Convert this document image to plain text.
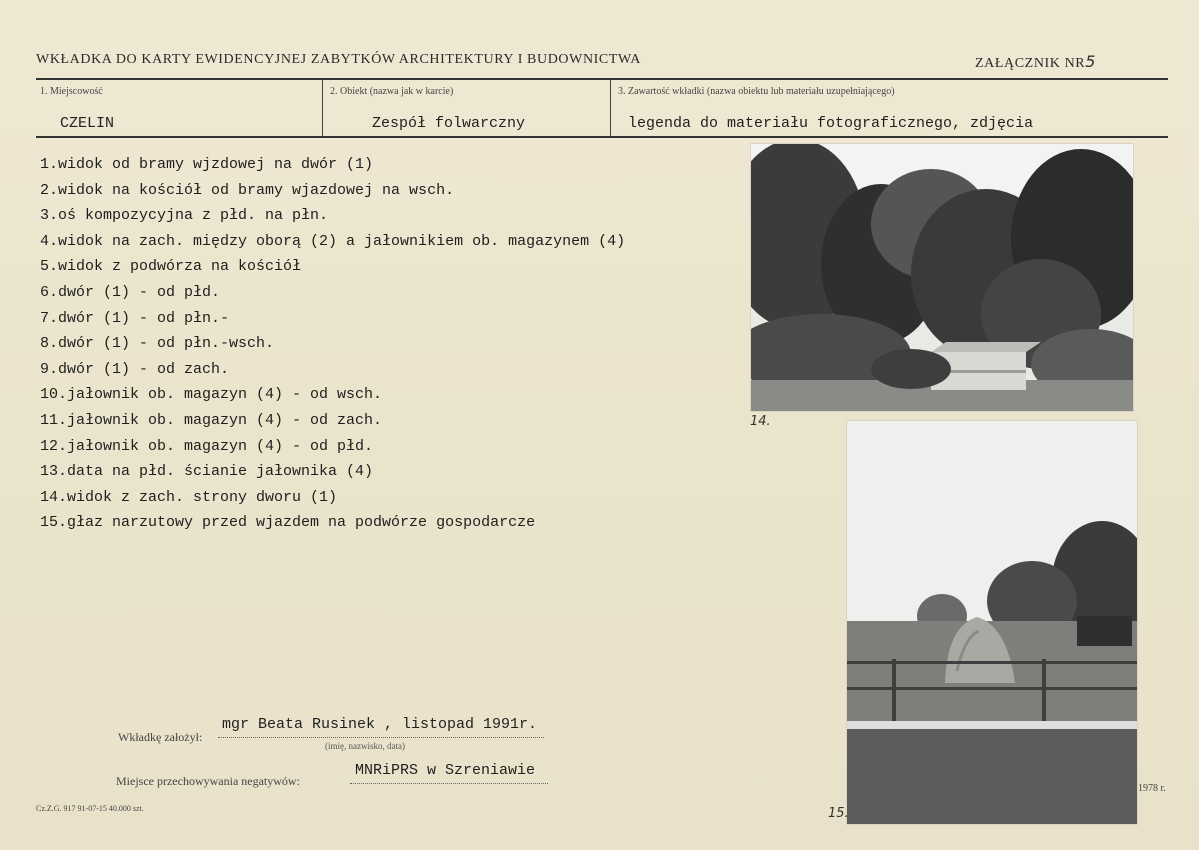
WKŁADKA DO KARTY EWIDENCYJNEJ ZABYTKÓW ARCHITEKTURY I BUDOWNICTWA	ZAŁĄCZNIK NR5
1. Miejscowość
CZELIN
2. Obiekt (nazwa jak w karcie)
Zespół folwarczny
3. Zawartość wkładki (nazwa obiektu lub materiału uzupełniającego)
legenda do materiału fotograficznego, zdjęcia
1.widok od bramy wjzdowej na dwór (1)
2.widok na kościół od bramy wjazdowej na wsch.
3.oś kompozycyjna z płd. na płn.
4.widok na zach. między oborą (2) a jałownikiem ob. magazynem (4)
5.widok z podwórza na kościół
6.dwór (1) - od płd.
7.dwór (1) - od płn.-
8.dwór (1) - od płn.-wsch.
9.dwór (1) - od zach.
10.jałownik ob. magazyn (4) - od wsch.
11.jałownik ob. magazyn (4) - od zach.
12.jałownik ob. magazyn (4) - od płd.
13.data na płd. ścianie jałownika (4)
14.widok z zach. strony dworu (1)
15.głaz narzutowy przed wjazdem na podwórze gospodarcze
14.
15.
Wkładkę założył:
mgr Beata Rusinek , listopad 1991r.
(imię, nazwisko, data)
Miejsce przechowywania negatywów:
MNRiPRS w Szreniawie
Cz.Z.G. 917 91-07-15 40.000 szt.
1978 r.
